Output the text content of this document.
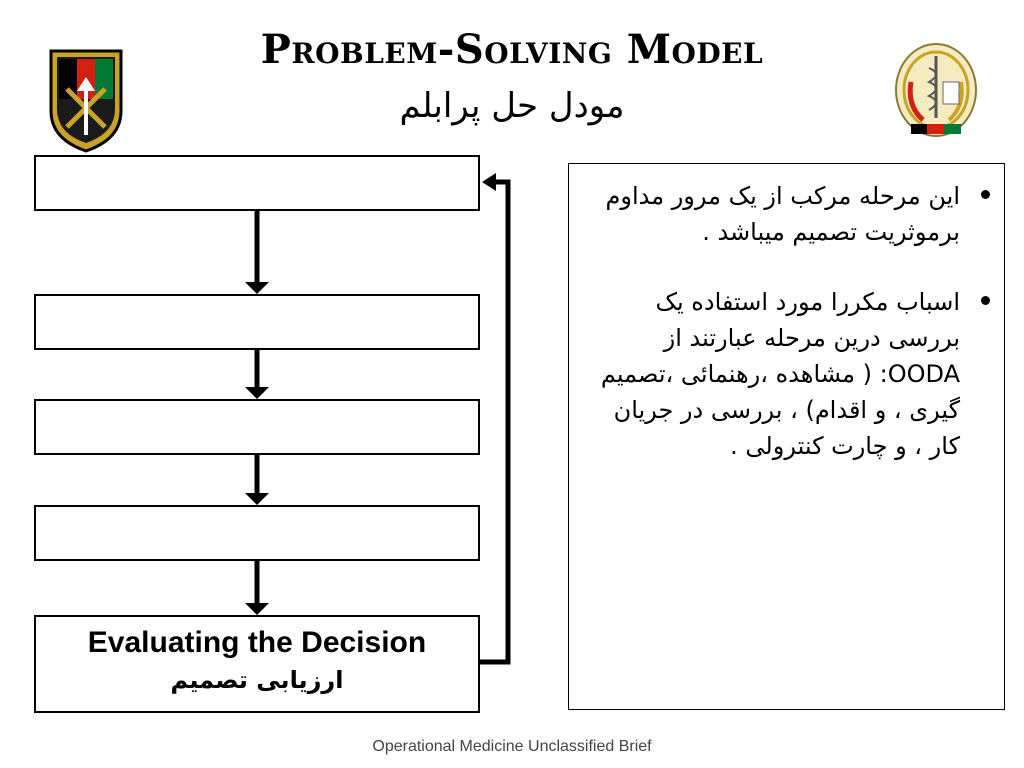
Problem-Solving Model
مودل حل پرابلم
Evaluating the Decision
ارزیابی تصمیم
این مرحله مرکب از یک مرور مداوم برموثریت تصمیم میباشد .
اسباب مکررا مورد استفاده یک بررسی درین مرحله عبارتند از OODA: ( مشاهده ،رهنمائی ،تصمیم گیری ، و اقدام) ، بررسی در جریان کار ، و چارت کنترولی .
Operational Medicine Unclassified Brief
